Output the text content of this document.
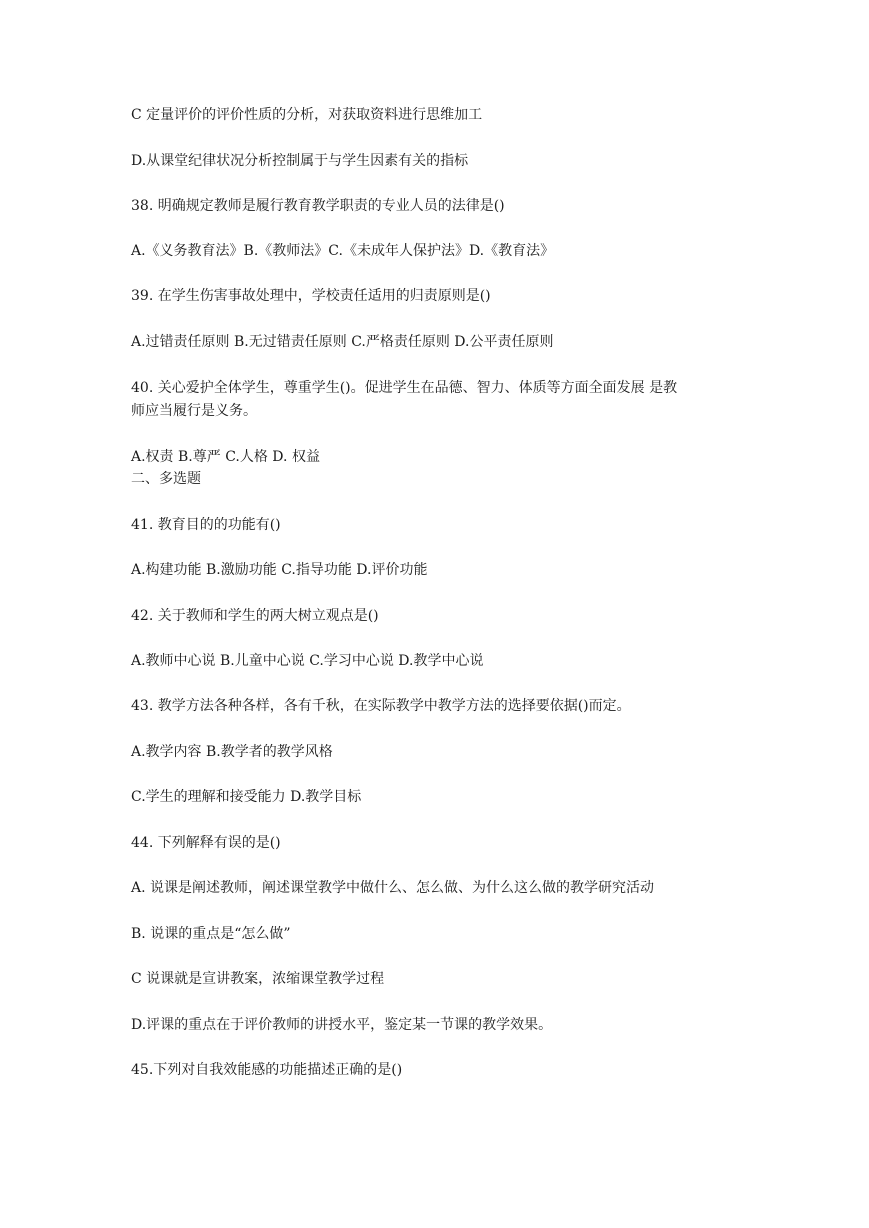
C 定量评价的评价性质的分析，对获取资料进行思维加工

D.从课堂纪律状况分析控制属于与学生因素有关的指标

38. 明确规定教师是履行教育教学职责的专业人员的法律是()

A.《义务教育法》B.《教师法》C.《未成年人保护法》D.《教育法》

39. 在学生伤害事故处理中，学校责任适用的归责原则是()

A.过错责任原则 B.无过错责任原则 C.严格责任原则 D.公平责任原则

40. 关心爱护全体学生，尊重学生()。促进学生在品德、智力、体质等方面全面发展 是教

师应当履行是义务。

A.权责 B.尊严 C.人格 D. 权益

二、多选题

41. 教育目的的功能有()

A.构建功能 B.激励功能 C.指导功能 D.评价功能

42. 关于教师和学生的两大树立观点是()

A.教师中心说 B.儿童中心说 C.学习中心说 D.教学中心说

43. 教学方法各种各样，各有千秋，在实际教学中教学方法的选择要依据()而定。

A.教学内容 B.教学者的教学风格

C.学生的理解和接受能力 D.教学目标

44. 下列解释有误的是()

A. 说课是阐述教师，阐述课堂教学中做什么、怎么做、为什么这么做的教学研究活动

B. 说课的重点是“怎么做”

C 说课就是宣讲教案，浓缩课堂教学过程

D.评课的重点在于评价教师的讲授水平，鉴定某一节课的教学效果。

45.下列对自我效能感的功能描述正确的是()
